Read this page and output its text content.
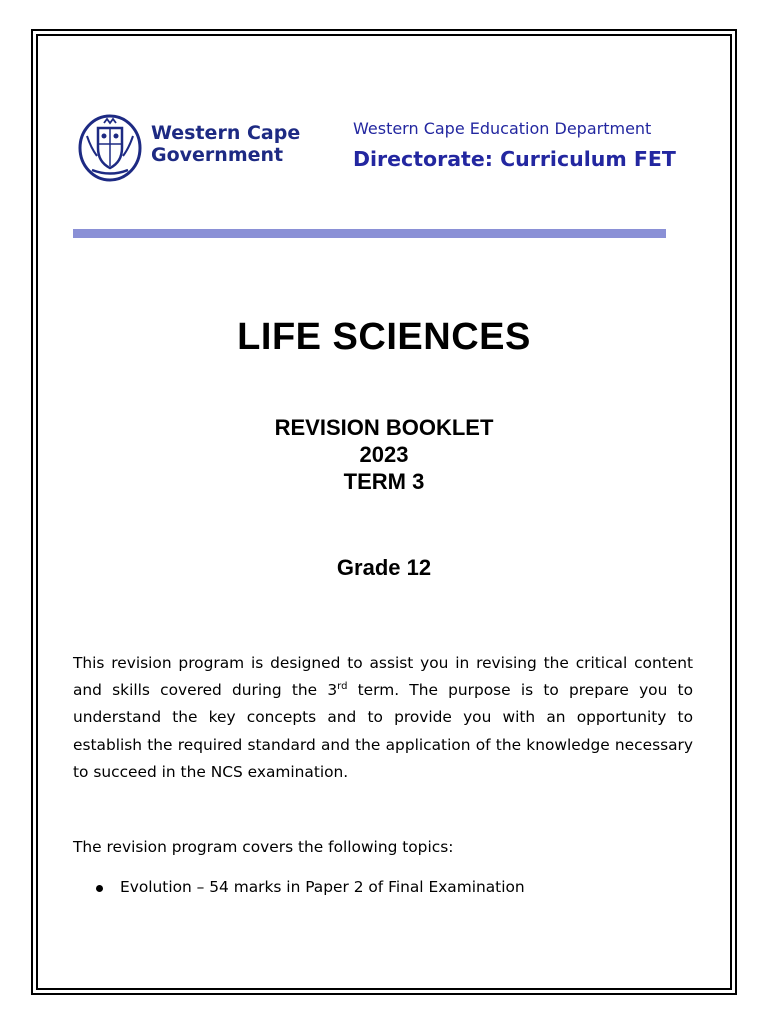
Western Cape
Government
Western Cape Education Department
Directorate: Curriculum FET
LIFE SCIENCES
REVISION BOOKLET
2023
TERM 3
Grade 12
This revision program is designed to assist you in revising the critical content and skills covered during the 3rd term. The purpose is to prepare you to understand the key concepts and to provide you with an opportunity to establish the required standard and the application of the knowledge necessary to succeed in the NCS examination.
The revision program covers the following topics:
Evolution – 54 marks in Paper 2 of Final Examination
